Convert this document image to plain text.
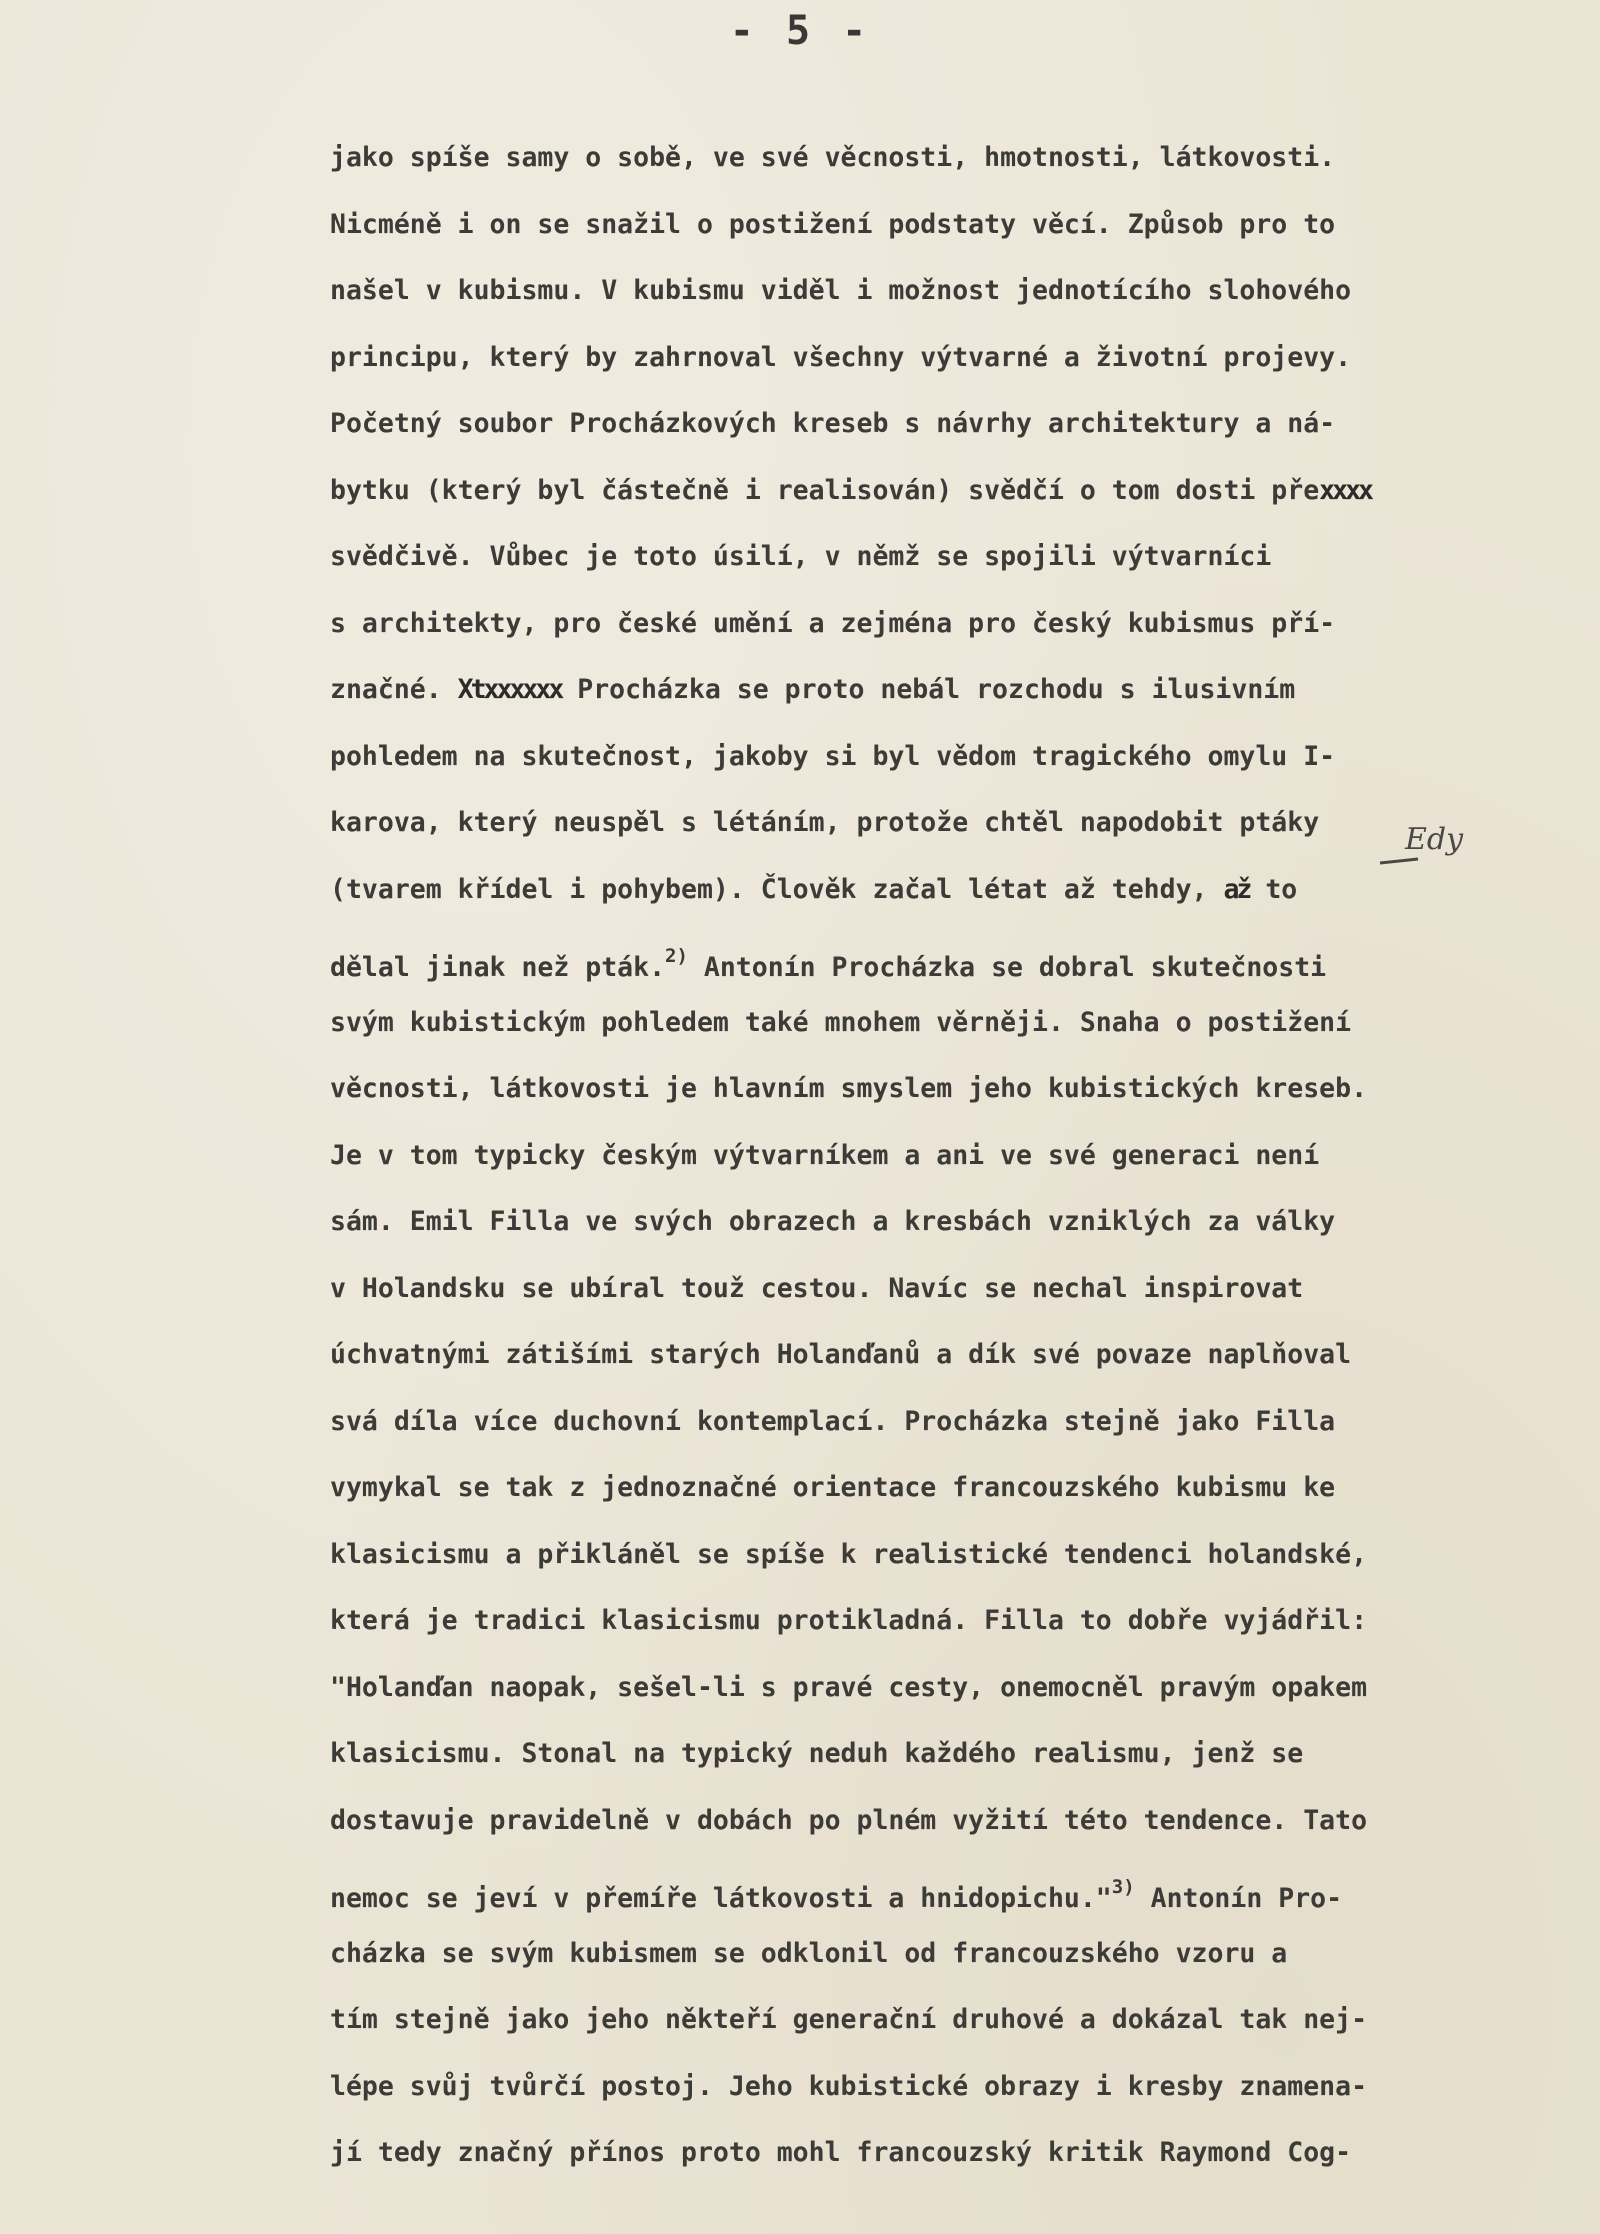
- 5 -
Edy
jako spíše samy o sobě, ve své věcnosti, hmotnosti, látkovosti.
Nicméně i on se snažil o postižení podstaty věcí. Způsob pro to
našel v kubismu. V kubismu viděl i možnost jednotícího slohového
principu, který by zahrnoval všechny výtvarné a životní projevy.
Početný soubor Procházkových kreseb s návrhy architektury a ná-
bytku (který byl částečně i realisován) svědčí o tom dosti přexxxx
svědčivě. Vůbec je toto úsilí, v němž se spojili výtvarníci
s architekty, pro české umění a zejména pro český kubismus pří-
značné. Xtxxxxxx Procházka se proto nebál rozchodu s ilusivním
pohledem na skutečnost, jakoby si byl vědom tragického omylu I-
karova, který neuspěl s létáním, protože chtěl napodobit ptáky
(tvarem křídel i pohybem). Člověk začal létat až tehdy, až to
dělal jinak než pták.$^{2)}$ Antonín Procházka se dobral skutečnosti
svým kubistickým pohledem také mnohem věrněji. Snaha o postižení
věcnosti, látkovosti je hlavním smyslem jeho kubistických kreseb.
Je v tom typicky českým výtvarníkem a ani ve své generaci není
sám. Emil Filla ve svých obrazech a kresbách vzniklých za války
v Holandsku se ubíral touž cestou. Navíc se nechal inspirovat
úchvatnými zátišími starých Holanďanů a dík své povaze naplňoval
svá díla více duchovní kontemplací. Procházka stejně jako Filla
vymykal se tak z jednoznačné orientace francouzského kubismu ke
klasicismu a přikláněl se spíše k realistické tendenci holandské,
která je tradici klasicismu protikladná. Filla to dobře vyjádřil:
"Holanďan naopak, sešel-li s pravé cesty, onemocněl pravým opakem
klasicismu. Stonal na typický neduh každého realismu, jenž se
dostavuje pravidelně v dobách po plném vyžití této tendence. Tato
nemoc se jeví v přemíře látkovosti a hnidopichu."$^{3)}$ Antonín Pro-
cházka se svým kubismem se odklonil od francouzského vzoru a
tím stejně jako jeho někteří generační druhové a dokázal tak nej-
lépe svůj tvůrčí postoj. Jeho kubistické obrazy i kresby znamena-
jí tedy značný přínos proto mohl francouzský kritik Raymond Cog-
